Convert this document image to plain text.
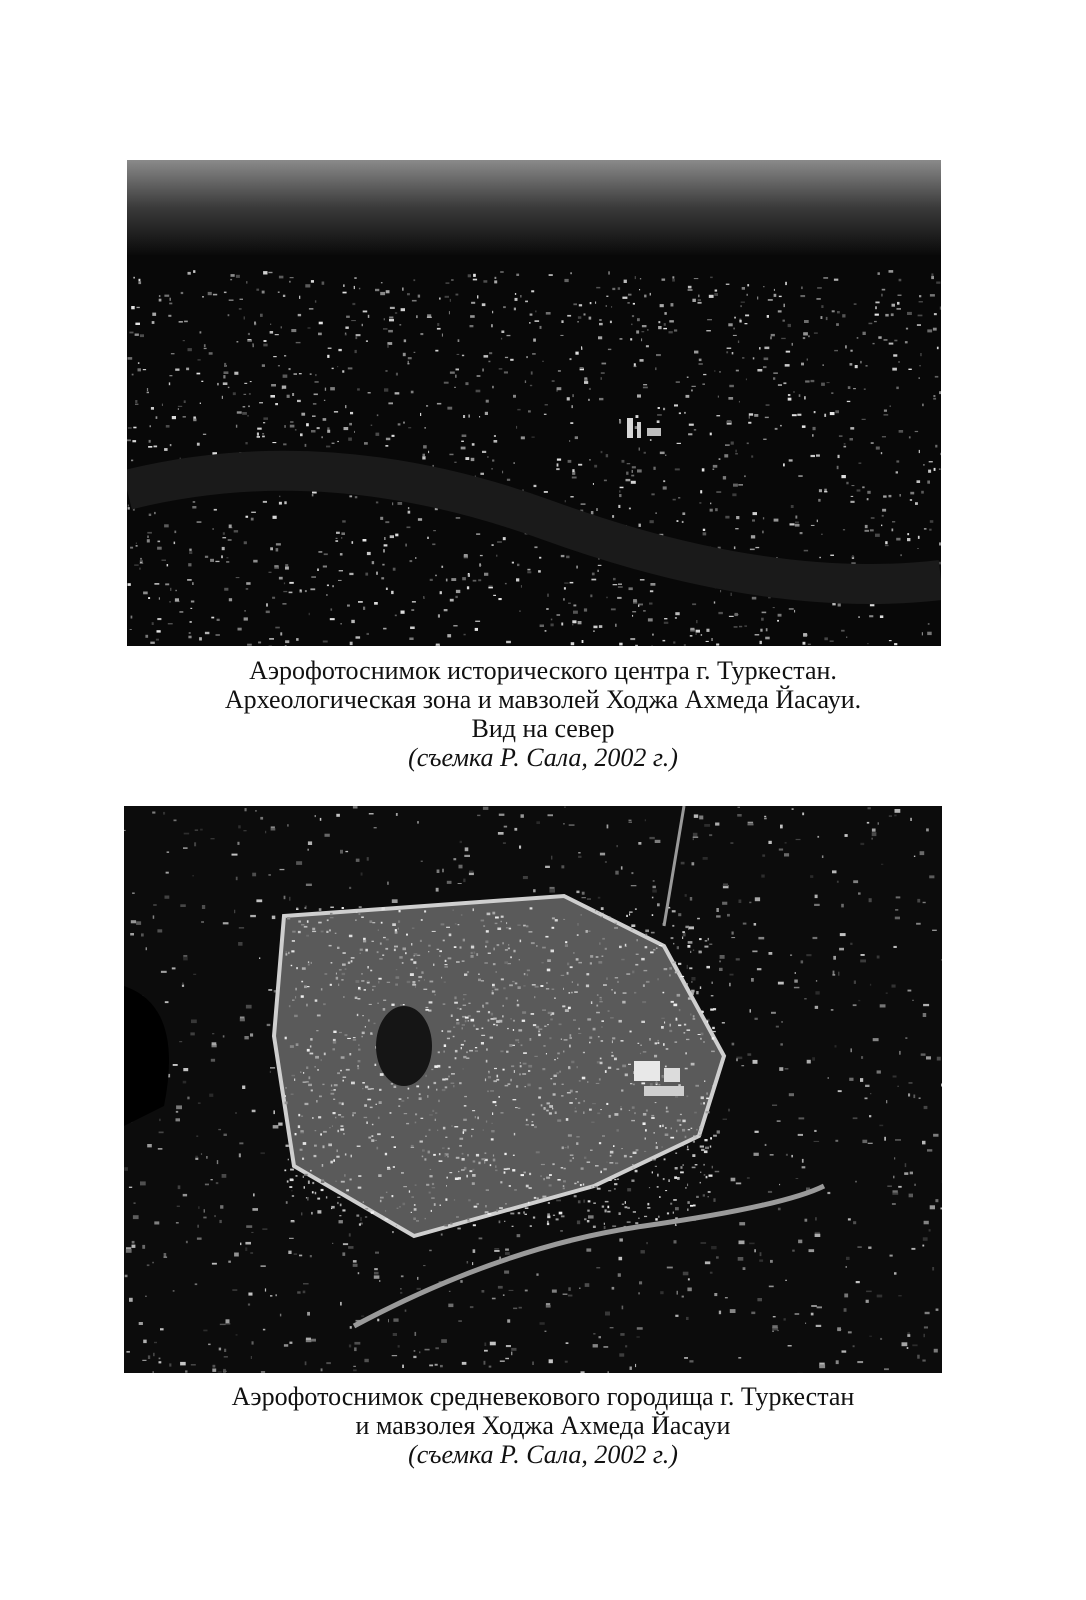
Аэрофотоснимок исторического центра г. Туркестан.
Археологическая зона и мавзолей Ходжа Ахмеда Йасауи.
Вид на север
(съемка Р. Сала, 2002 г.)
Аэрофотоснимок средневекового городища г. Туркестан
и мавзолея Ходжа Ахмеда Йасауи
(съемка Р. Сала, 2002 г.)
